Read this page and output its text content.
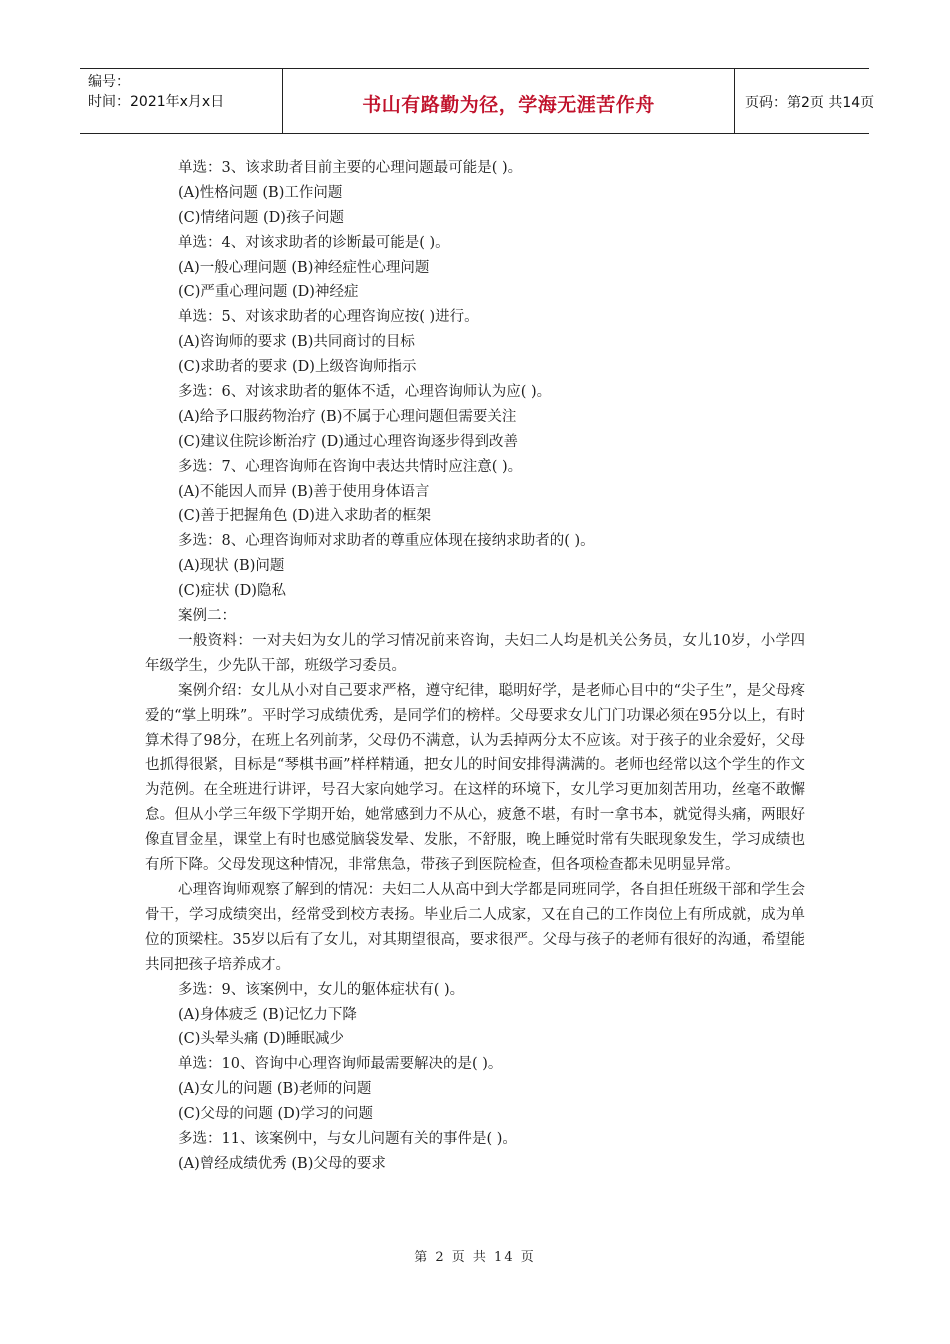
编号：
时间：2021年x月x日	书山有路勤为径，学海无涯苦作舟	页码：第2页 共14页
单选：3、该求助者目前主要的心理问题最可能是( )。
(A)性格问题 (B)工作问题
(C)情绪问题 (D)孩子问题
单选：4、对该求助者的诊断最可能是( )。
(A)一般心理问题 (B)神经症性心理问题
(C)严重心理问题 (D)神经症
单选：5、对该求助者的心理咨询应按( )进行。
(A)咨询师的要求 (B)共同商讨的目标
(C)求助者的要求 (D)上级咨询师指示
多选：6、对该求助者的躯体不适，心理咨询师认为应( )。
(A)给予口服药物治疗 (B)不属于心理问题但需要关注
(C)建议住院诊断治疗 (D)通过心理咨询逐步得到改善
多选：7、心理咨询师在咨询中表达共情时应注意( )。
(A)不能因人而异 (B)善于使用身体语言
(C)善于把握角色 (D)进入求助者的框架
多选：8、心理咨询师对求助者的尊重应体现在接纳求助者的( )。
(A)现状 (B)问题
(C)症状 (D)隐私
案例二：
一般资料：一对夫妇为女儿的学习情况前来咨询，夫妇二人均是机关公务员，女儿10岁，小学四年级学生，少先队干部，班级学习委员。
案例介绍：女儿从小对自己要求严格，遵守纪律，聪明好学，是老师心目中的“尖子生”，是父母疼爱的“掌上明珠”。平时学习成绩优秀，是同学们的榜样。父母要求女儿门门功课必须在95分以上，有时算术得了98分，在班上名列前茅，父母仍不满意，认为丢掉两分太不应该。对于孩子的业余爱好，父母也抓得很紧，目标是“琴棋书画”样样精通，把女儿的时间安排得满满的。老师也经常以这个学生的作文为范例。在全班进行讲评，号召大家向她学习。在这样的环境下，女儿学习更加刻苦用功，丝毫不敢懈怠。但从小学三年级下学期开始，她常感到力不从心，疲惫不堪，有时一拿书本，就觉得头痛，两眼好像直冒金星，课堂上有时也感觉脑袋发晕、发胀，不舒服，晚上睡觉时常有失眠现象发生，学习成绩也有所下降。父母发现这种情况，非常焦急，带孩子到医院检查，但各项检查都未见明显异常。
心理咨询师观察了解到的情况：夫妇二人从高中到大学都是同班同学，各自担任班级干部和学生会骨干，学习成绩突出，经常受到校方表扬。毕业后二人成家，又在自己的工作岗位上有所成就，成为单位的顶梁柱。35岁以后有了女儿，对其期望很高，要求很严。父母与孩子的老师有很好的沟通，希望能共同把孩子培养成才。
多选：9、该案例中，女儿的躯体症状有( )。
(A)身体疲乏 (B)记忆力下降
(C)头晕头痛 (D)睡眠减少
单选：10、咨询中心理咨询师最需要解决的是( )。
(A)女儿的问题 (B)老师的问题
(C)父母的问题 (D)学习的问题
多选：11、该案例中，与女儿问题有关的事件是( )。
(A)曾经成绩优秀 (B)父母的要求
第 2 页 共 14 页
